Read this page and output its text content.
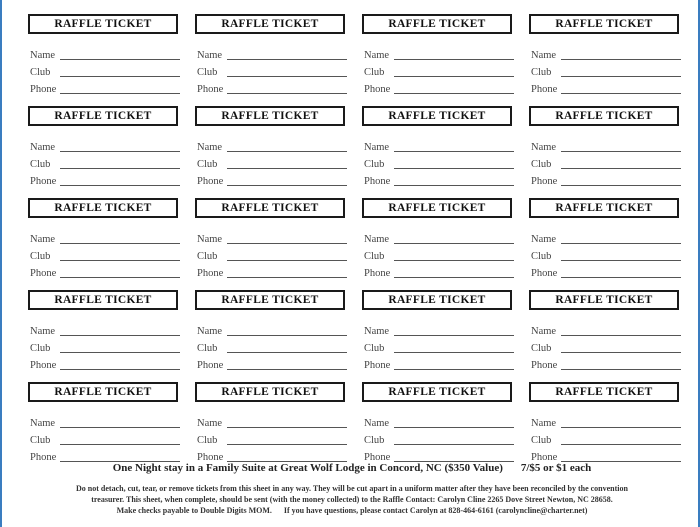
RAFFLE TICKET
Name
Club
Phone
RAFFLE TICKET
Name
Club
Phone
RAFFLE TICKET
Name
Club
Phone
RAFFLE TICKET
Name
Club
Phone
RAFFLE TICKET
Name
Club
Phone
RAFFLE TICKET
Name
Club
Phone
RAFFLE TICKET
Name
Club
Phone
RAFFLE TICKET
Name
Club
Phone
RAFFLE TICKET
Name
Club
Phone
RAFFLE TICKET
Name
Club
Phone
RAFFLE TICKET
Name
Club
Phone
RAFFLE TICKET
Name
Club
Phone
RAFFLE TICKET
Name
Club
Phone
RAFFLE TICKET
Name
Club
Phone
RAFFLE TICKET
Name
Club
Phone
RAFFLE TICKET
Name
Club
Phone
RAFFLE TICKET
Name
Club
Phone
RAFFLE TICKET
Name
Club
Phone
RAFFLE TICKET
Name
Club
Phone
RAFFLE TICKET
Name
Club
Phone
One Night stay in a Family Suite at Great Wolf Lodge in Concord, NC ($350 Value) 7/$5 or $1 each
Do not detach, cut, tear, or remove tickets from this sheet in any way. They will be cut apart in a uniform matter after they have been reconciled by the convention
treasurer. This sheet, when complete, should be sent (with the money collected) to the Raffle Contact: Carolyn Cline 2265 Dove Street Newton, NC 28658.
Make checks payable to Double Digits MOM. If you have questions, please contact Carolyn at 828-464-6161 (carolyncline@charter.net)
